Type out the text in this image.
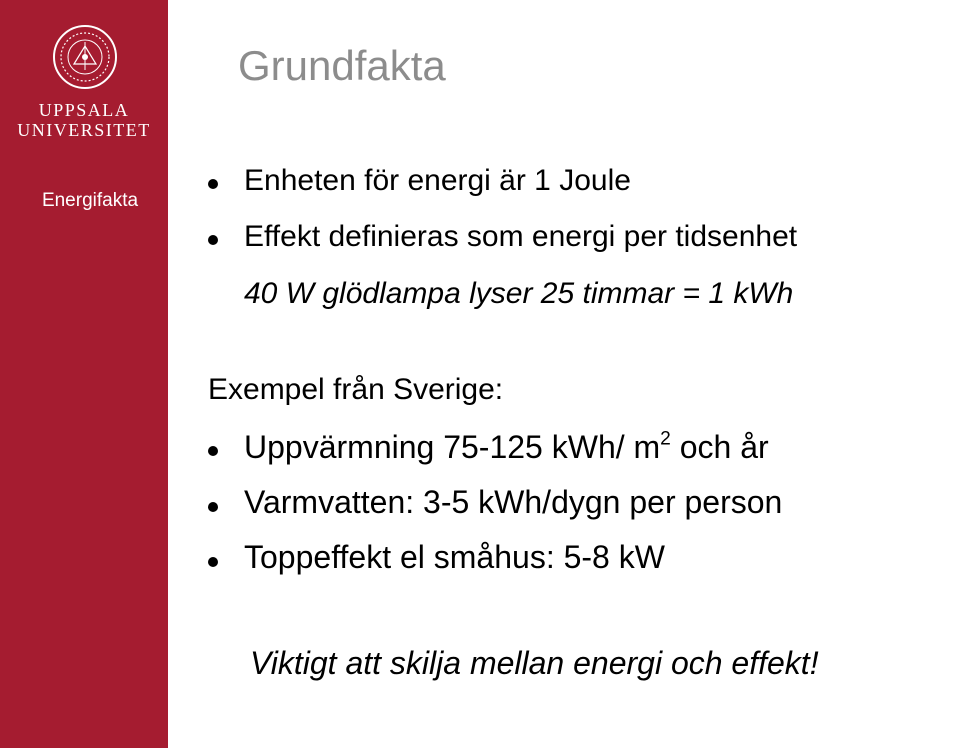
UPPSALA
UNIVERSITET
Energifakta
Grundfakta
Enheten för energi är 1 Joule
Effekt definieras som energi per tidsenhet
40 W glödlampa lyser 25 timmar = 1 kWh
Exempel från Sverige:
Uppvärmning 75-125 kWh/ $m^2$ och år
Varmvatten: 3-5 kWh/dygn per person
Toppeffekt el småhus: 5-8 kW
Viktigt att skilja mellan energi och effekt!
